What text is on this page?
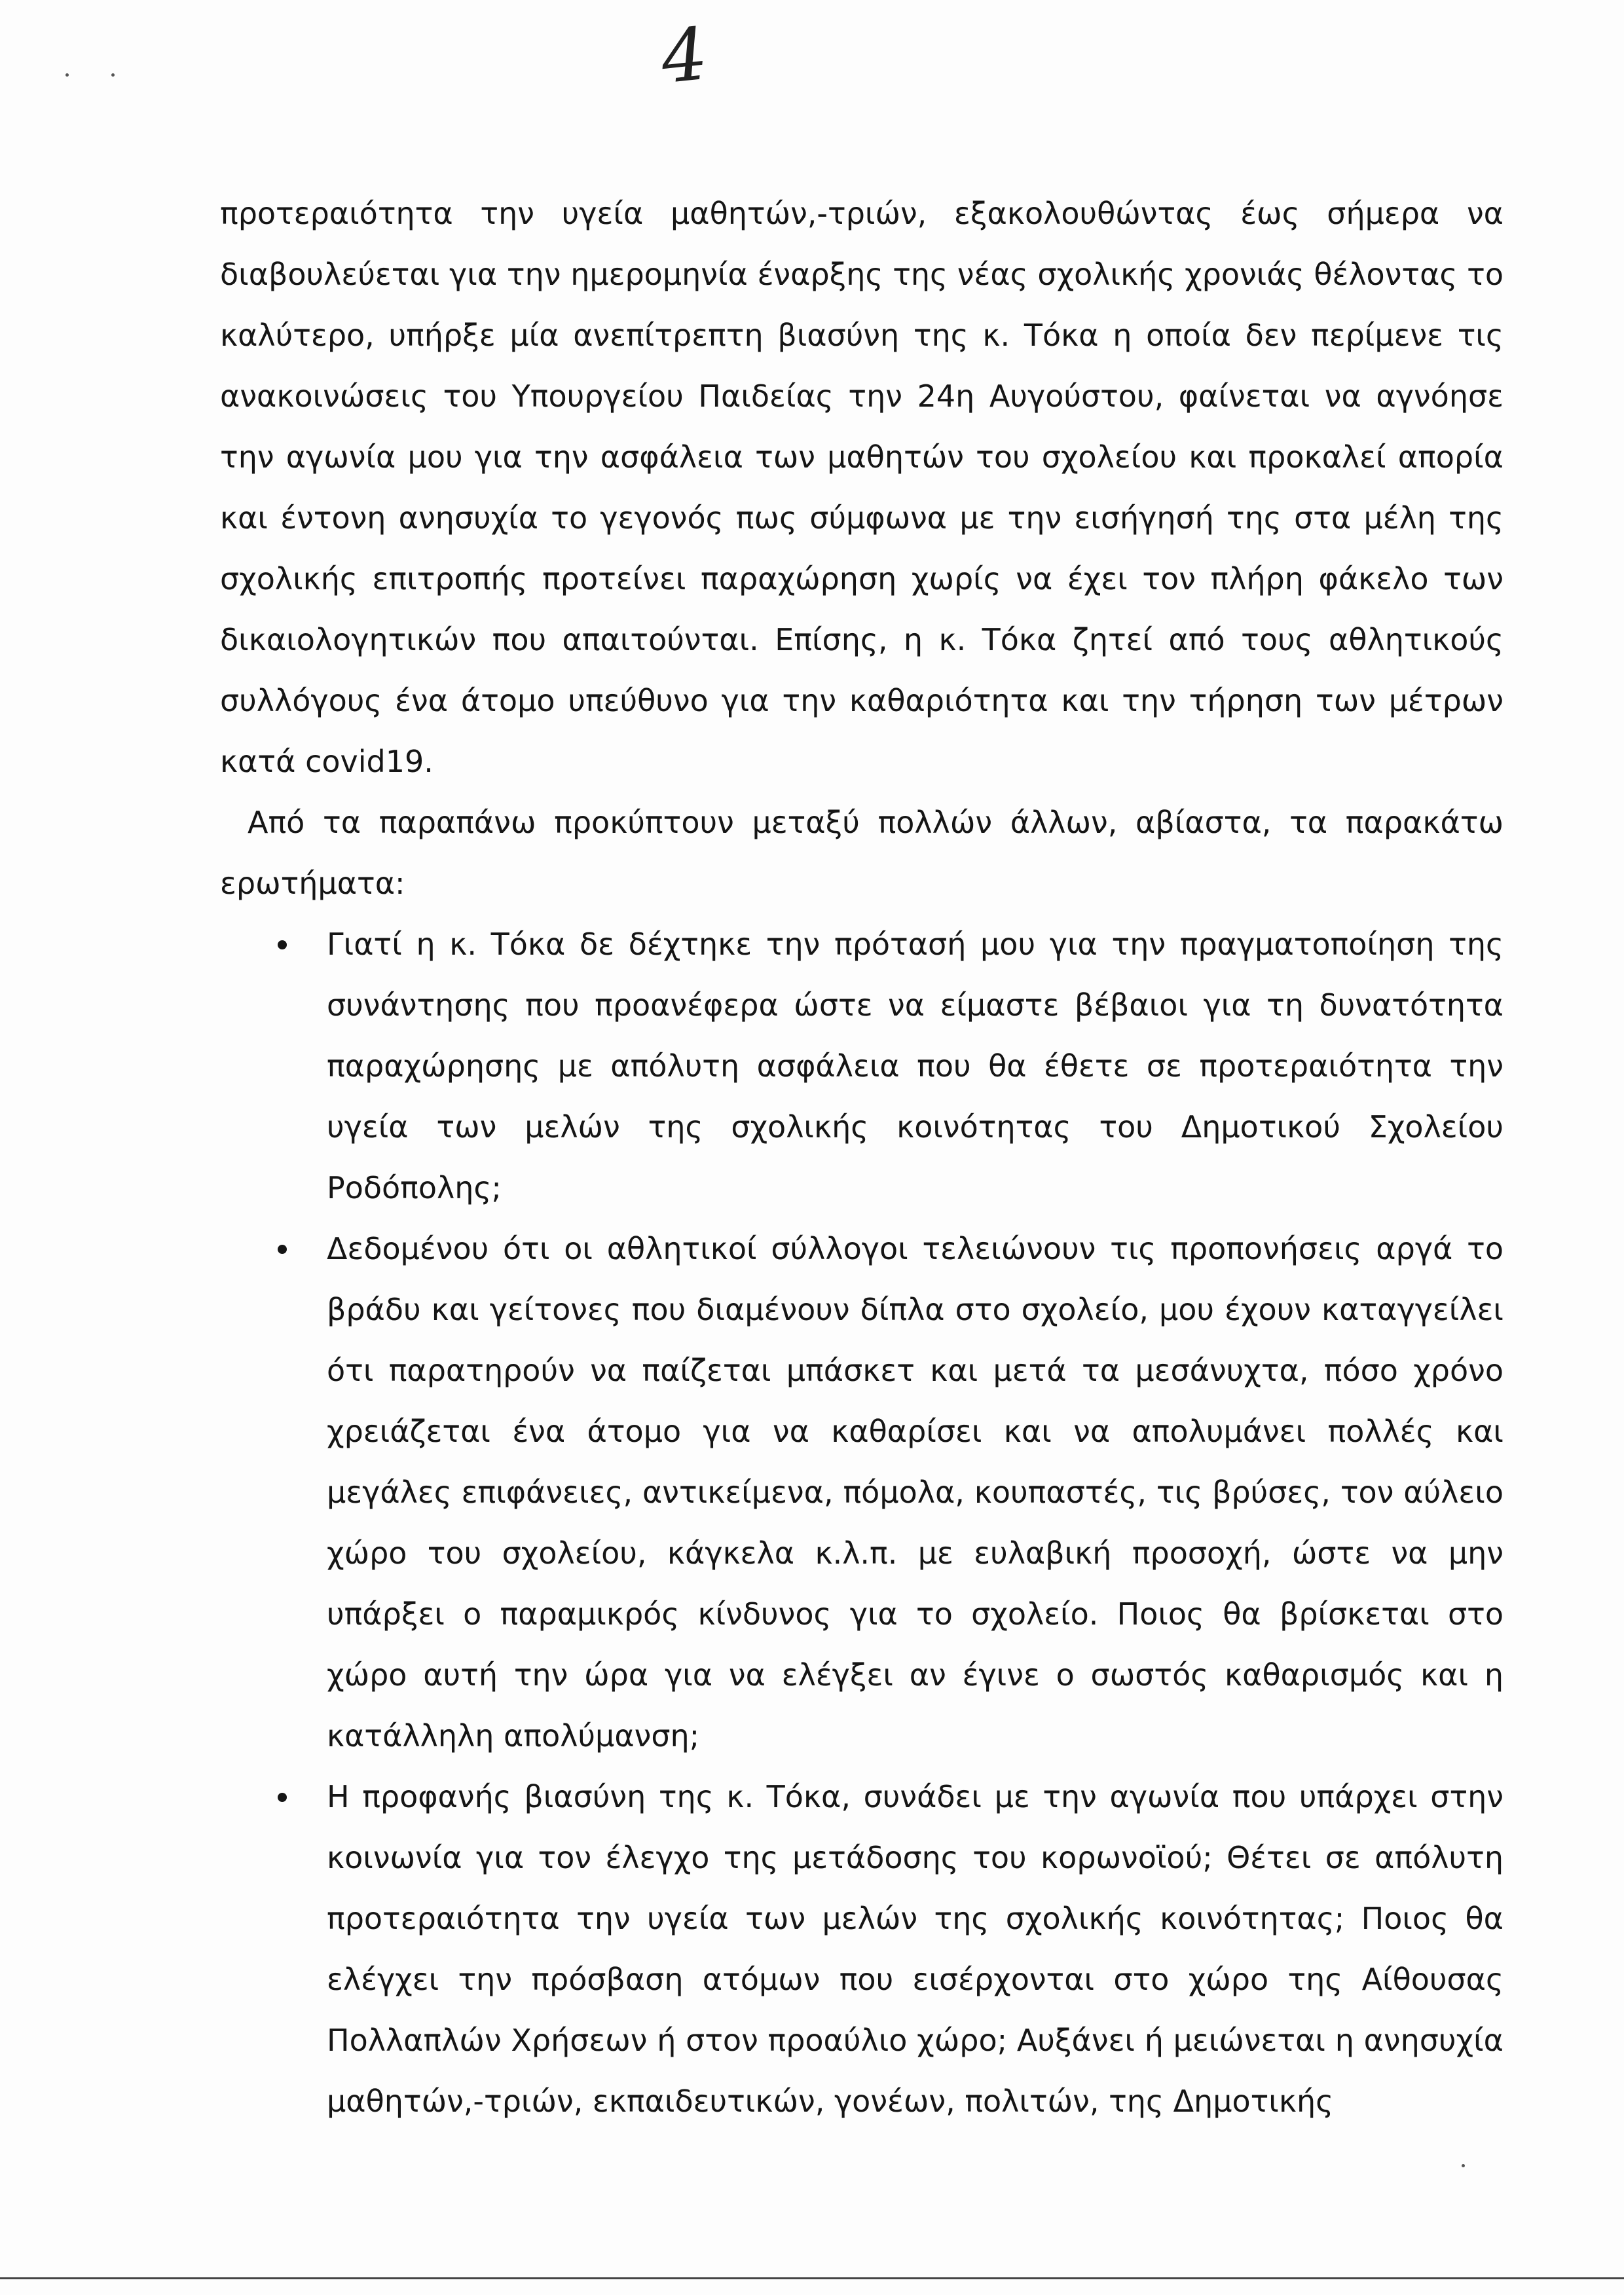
4

προτεραιότητα την υγεία μαθητών,-τριών, εξακολουθώντας έως σήμερα να διαβουλεύεται για την ημερομηνία έναρξης της νέας σχολικής χρονιάς θέλοντας το καλύτερο, υπήρξε μία ανεπίτρεπτη βιασύνη της κ. Τόκα η οποία δεν περίμενε τις ανακοινώσεις του Υπουργείου Παιδείας την 24η Αυγούστου, φαίνεται να αγνόησε την αγωνία μου για την ασφάλεια των μαθητών του σχολείου και προκαλεί απορία και έντονη ανησυχία το γεγονός πως σύμφωνα με την εισήγησή της στα μέλη της σχολικής επιτροπής προτείνει παραχώρηση χωρίς να έχει τον πλήρη φάκελο των δικαιολογητικών που απαιτούνται. Επίσης, η κ. Τόκα ζητεί από τους αθλητικούς συλλόγους ένα άτομο υπεύθυνο για την καθαριότητα και την τήρηση των μέτρων κατά covid19.

Από τα παραπάνω προκύπτουν μεταξύ πολλών άλλων, αβίαστα, τα παρακάτω ερωτήματα:

Γιατί η κ. Τόκα δε δέχτηκε την πρότασή μου για την πραγματοποίηση της συνάντησης που προανέφερα ώστε να είμαστε βέβαιοι για τη δυνατότητα παραχώρησης με απόλυτη ασφάλεια που θα έθετε σε προτεραιότητα την υγεία των μελών της σχολικής κοινότητας του Δημοτικού Σχολείου Ροδόπολης;
Δεδομένου ότι οι αθλητικοί σύλλογοι τελειώνουν τις προπονήσεις αργά το βράδυ και γείτονες που διαμένουν δίπλα στο σχολείο, μου έχουν καταγγείλει ότι παρατηρούν να παίζεται μπάσκετ και μετά τα μεσάνυχτα, πόσο χρόνο χρειάζεται ένα άτομο για να καθαρίσει και να απολυμάνει πολλές και μεγάλες επιφάνειες, αντικείμενα, πόμολα, κουπαστές, τις βρύσες, τον αύλειο χώρο του σχολείου, κάγκελα κ.λ.π. με ευλαβική προσοχή, ώστε να μην υπάρξει ο παραμικρός κίνδυνος για το σχολείο. Ποιος θα βρίσκεται στο χώρο αυτή την ώρα για να ελέγξει αν έγινε ο σωστός καθαρισμός και η κατάλληλη απολύμανση;
Η προφανής βιασύνη της κ. Τόκα, συνάδει με την αγωνία που υπάρχει στην κοινωνία για τον έλεγχο της μετάδοσης του κορωνοϊού; Θέτει σε απόλυτη προτεραιότητα την υγεία των μελών της σχολικής κοινότητας; Ποιος θα ελέγχει την πρόσβαση ατόμων που εισέρχονται στο χώρο της Αίθουσας Πολλαπλών Χρήσεων ή στον προαύλιο χώρο; Αυξάνει ή μειώνεται η ανησυχία μαθητών,-τριών, εκπαιδευτικών, γονέων, πολιτών, της Δημοτικής
